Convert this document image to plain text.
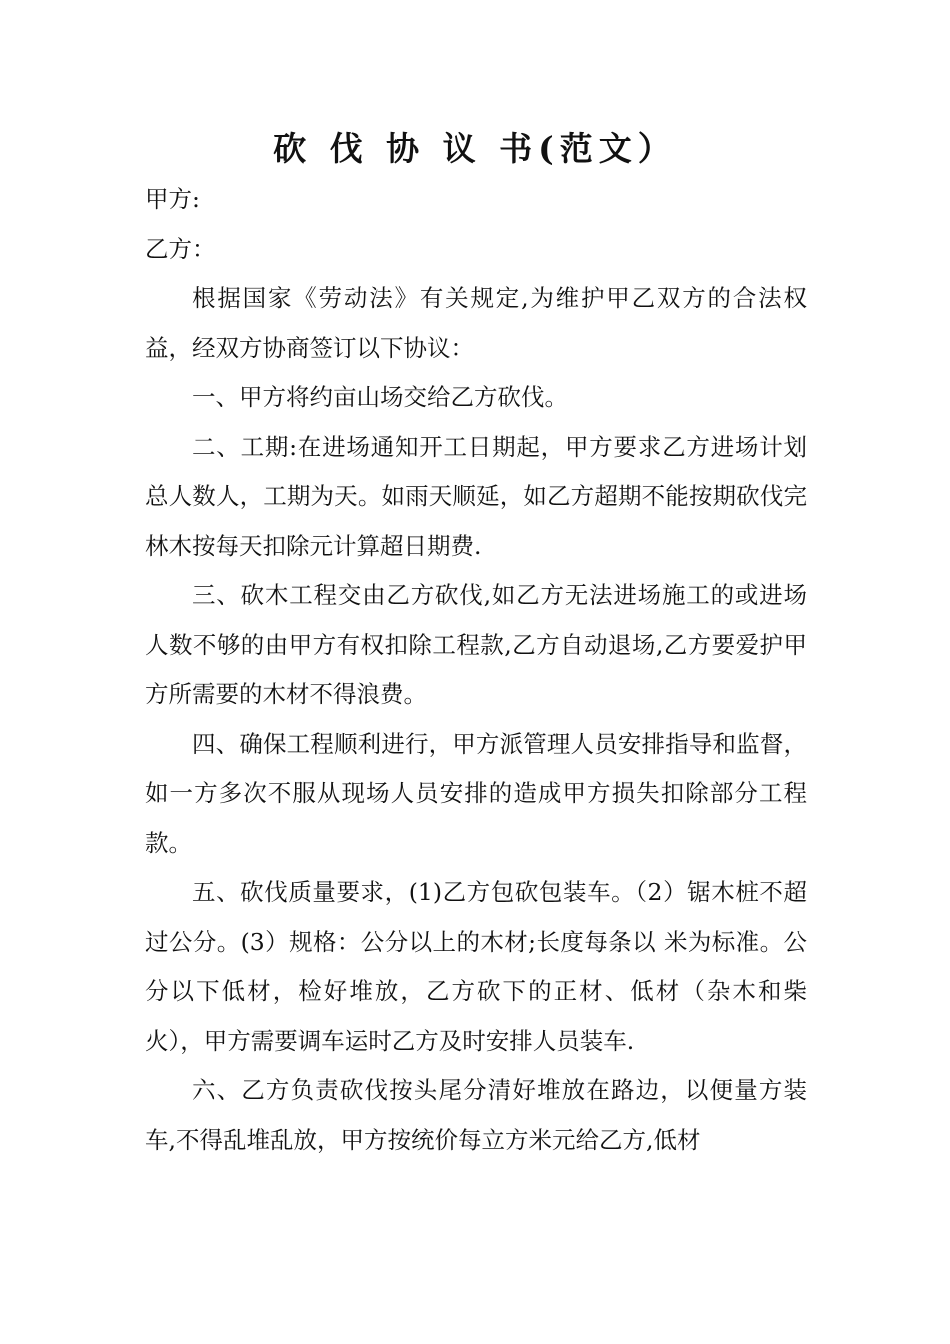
砍 伐 协 议 书(范文）

甲方:

乙方：

根据国家《劳动法》有关规定,为维护甲乙双方的合法权益，经双方协商签订以下协议：

一、甲方将约亩山场交给乙方砍伐。

二、工期:在进场通知开工日期起，甲方要求乙方进场计划总人数人，工期为天。如雨天顺延，如乙方超期不能按期砍伐完林木按每天扣除元计算超日期费.

三、砍木工程交由乙方砍伐,如乙方无法进场施工的或进场人数不够的由甲方有权扣除工程款,乙方自动退场,乙方要爱护甲方所需要的木材不得浪费。

四、确保工程顺利进行，甲方派管理人员安排指导和监督，如一方多次不服从现场人员安排的造成甲方损失扣除部分工程款。

五、砍伐质量要求，(1)乙方包砍包装车。（2）锯木桩不超过公分。(3）规格：公分以上的木材;长度每条以 米为标准。公分以下低材，检好堆放，乙方砍下的正材、低材（杂木和柴火），甲方需要调车运时乙方及时安排人员装车.

六、乙方负责砍伐按头尾分清好堆放在路边，以便量方装车,不得乱堆乱放，甲方按统价每立方米元给乙方,低材
